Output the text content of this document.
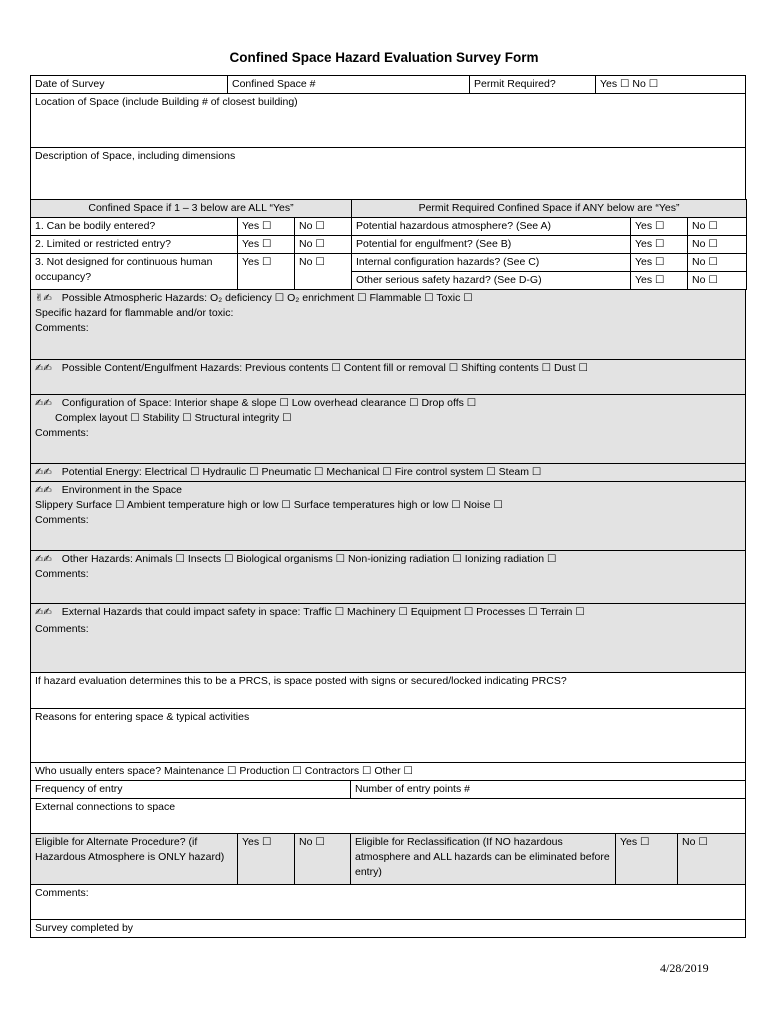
Confined Space Hazard Evaluation Survey Form
Date of Survey	Confined Space #	Permit Required?	Yes ☐ No ☐
Location of Space (include Building # of closest building)
Description of Space, including dimensions
Confined Space if 1 – 3 below are ALL “Yes”			Permit Required Confined Space if ANY below are “Yes”		
1. Can be bodily entered?	Yes ☐	No ☐	Potential hazardous atmosphere? (See A)	Yes ☐	No ☐
2. Limited or restricted entry?	Yes ☐	No ☐	Potential for engulfment? (See B)	Yes ☐	No ☐
3. Not designed for continuous human occupancy?	Yes ☐	No ☐	Internal configuration hazards? (See C)	Yes ☐	No ☐
			Other serious safety hazard? (See D-G)	Yes ☐	No ☐
✌✍ Possible Atmospheric Hazards: O₂ deficiency ☐ O₂ enrichment ☐ Flammable ☐ Toxic ☐
Specific hazard for flammable and/or toxic:
Comments:

✍✍ Possible Content/Engulfment Hazards: Previous contents ☐ Content fill or removal ☐ Shifting contents ☐ Dust ☐

✍✍ Configuration of Space: Interior shape & slope ☐ Low overhead clearance ☐ Drop offs ☐
Complex layout ☐ Stability ☐ Structural integrity ☐
Comments:

✍✍ Potential Energy: Electrical ☐ Hydraulic ☐ Pneumatic ☐ Mechanical ☐ Fire control system ☐ Steam ☐

✍✍ Environment in the Space
Slippery Surface ☐ Ambient temperature high or low ☐ Surface temperatures high or low ☐ Noise ☐
Comments:

✍✍ Other Hazards: Animals ☐ Insects ☐ Biological organisms ☐ Non-ionizing radiation ☐ Ionizing radiation ☐
Comments:

✍✍ External Hazards that could impact safety in space: Traffic ☐ Machinery ☐ Equipment ☐ Processes ☐ Terrain ☐
Comments:

If hazard evaluation determines this to be a PRCS, is space posted with signs or secured/locked indicating PRCS?
Reasons for entering space & typical activities
Who usually enters space? Maintenance ☐ Production ☐ Contractors ☐ Other ☐
Frequency of entry	Number of entry points #
External connections to space
Eligible for Alternate Procedure? (if Hazardous Atmosphere is ONLY hazard)	Yes ☐	No ☐	Eligible for Reclassification (If NO hazardous atmosphere and ALL hazards can be eliminated before entry)	Yes ☐	No ☐
Comments:
Survey completed by
4/28/2019
